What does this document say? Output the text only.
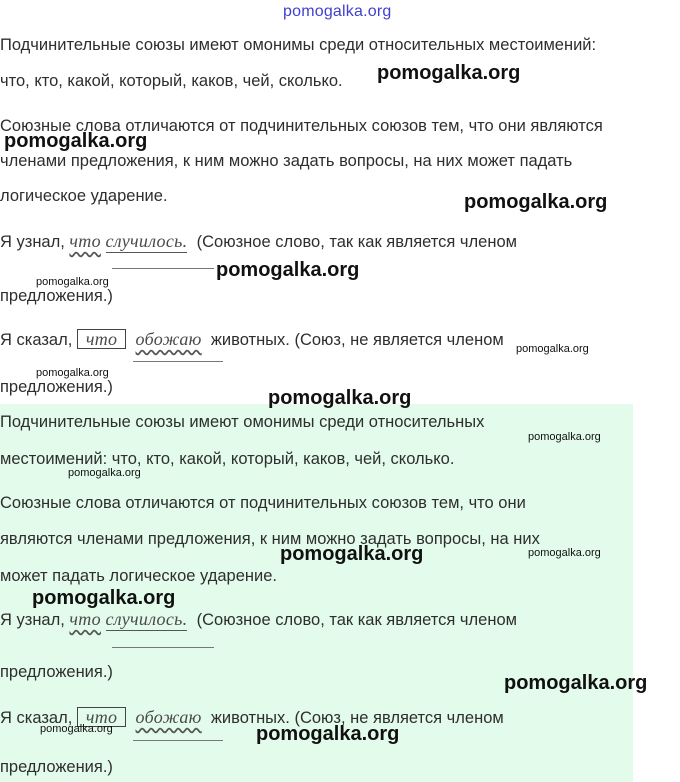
pomogalka.org
Подчинительные союзы имеют омонимы среди относительных местоимений:
что, кто, какой, который, каков, чей, сколько.
Союзные слова отличаются от подчинительных союзов тем, что они являются
членами предложения, к ним можно задать вопросы, на них может падать
логическое ударение.
Я узнал, что случилось. (Союзное слово, так как является членом
предложения.)
Я сказал, что обожаю животных. (Союз, не является членом
предложения.)
Подчинительные союзы имеют омонимы среди относительных
местоимений: что, кто, какой, который, каков, чей, сколько.
Союзные слова отличаются от подчинительных союзов тем, что они
являются членами предложения, к ним можно задать вопросы, на них
может падать логическое ударение.
Я узнал, что случилось. (Союзное слово, так как является членом
предложения.)
Я сказал, что обожаю животных. (Союз, не является членом
предложения.)
pomogalka.org
pomogalka.org
pomogalka.org
pomogalka.org
pomogalka.org
pomogalka.org
pomogalka.org
pomogalka.org
pomogalka.org
pomogalka.org
pomogalka.org
pomogalka.org
pomogalka.org
pomogalka.org
pomogalka.org
pomogalka.org
